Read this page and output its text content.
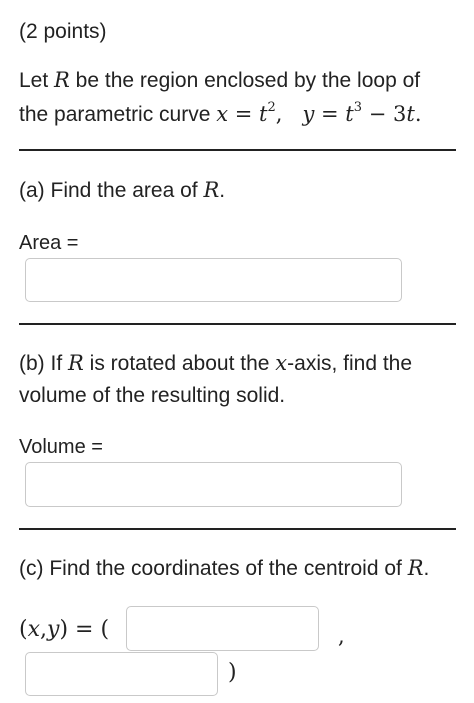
(2 points)
Let R be the region enclosed by the loop of
the parametric curve $x = t^2$, $y = t^3 - 3t$.
(a) Find the area of R.
Area =
(b) If R is rotated about the x-axis, find the
volume of the resulting solid.
Volume =
(c) Find the coordinates of the centroid of R.
(x,y) = (	,
)
